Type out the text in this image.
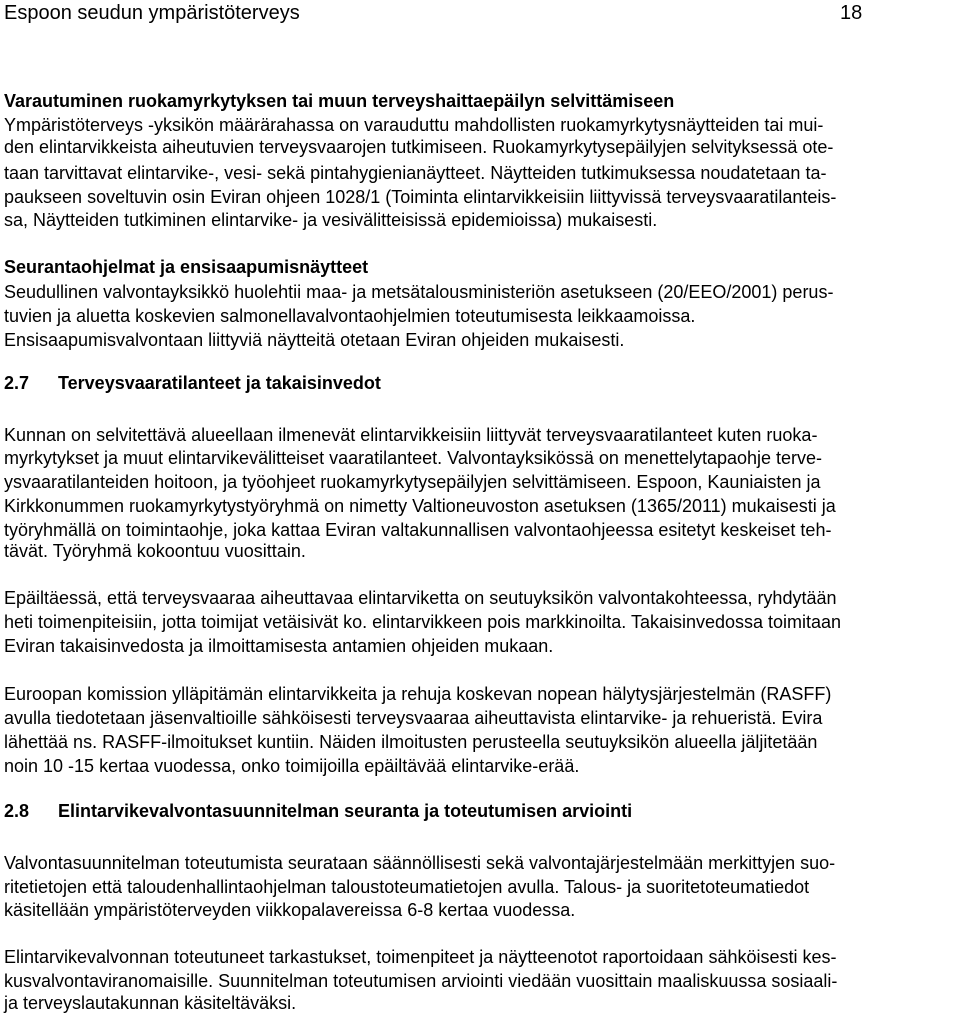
Espoon seudun ympäristöterveys	18

Varautuminen ruokamyrkytyksen tai muun terveyshaittaepäilyn selvittämiseen

Ympäristöterveys -yksikön määrärahassa on varauduttu mahdollisten ruokamyrkytysnäytteiden tai mui-

den elintarvikkeista aiheutuvien terveysvaarojen tutkimiseen. Ruokamyrkytysepäilyjen selvityksessä ote-

taan tarvittavat elintarvike-, vesi- sekä pintahygienianäytteet. Näytteiden tutkimuksessa noudatetaan ta-

paukseen soveltuvin osin Eviran ohjeen 1028/1 (Toiminta elintarvikkeisiin liittyvissä terveysvaaratilanteis-

sa, Näytteiden tutkiminen elintarvike- ja vesivälitteisissä epidemioissa) mukaisesti.

Seurantaohjelmat ja ensisaapumisnäytteet

Seudullinen valvontayksikkö huolehtii maa- ja metsätalousministeriön asetukseen (20/EEO/2001) perus-

tuvien ja aluetta koskevien salmonellavalvontaohjelmien toteutumisesta leikkaamoissa.

Ensisaapumisvalvontaan liittyviä näytteitä otetaan Eviran ohjeiden mukaisesti.

2.7 Terveysvaaratilanteet ja takaisinvedot

Kunnan on selvitettävä alueellaan ilmenevät elintarvikkeisiin liittyvät terveysvaaratilanteet kuten ruoka-

myrkytykset ja muut elintarvikevälitteiset vaaratilanteet. Valvontayksikössä on menettelytapaohje terve-

ysvaaratilanteiden hoitoon, ja työohjeet ruokamyrkytysepäilyjen selvittämiseen. Espoon, Kauniaisten ja

Kirkkonummen ruokamyrkytystyöryhmä on nimetty Valtioneuvoston asetuksen (1365/2011) mukaisesti ja

työryhmällä on toimintaohje, joka kattaa Eviran valtakunnallisen valvontaohjeessa esitetyt keskeiset teh-

tävät. Työryhmä kokoontuu vuosittain.

Epäiltäessä, että terveysvaaraa aiheuttavaa elintarviketta on seutuyksikön valvontakohteessa, ryhdytään

heti toimenpiteisiin, jotta toimijat vetäisivät ko. elintarvikkeen pois markkinoilta. Takaisinvedossa toimitaan

Eviran takaisinvedosta ja ilmoittamisesta antamien ohjeiden mukaan.

Euroopan komission ylläpitämän elintarvikkeita ja rehuja koskevan nopean hälytysjärjestelmän (RASFF)

avulla tiedotetaan jäsenvaltioille sähköisesti terveysvaaraa aiheuttavista elintarvike- ja rehueristä. Evira

lähettää ns. RASFF-ilmoitukset kuntiin. Näiden ilmoitusten perusteella seutuyksikön alueella jäljitetään

noin 10 -15 kertaa vuodessa, onko toimijoilla epäiltävää elintarvike-erää.

2.8 Elintarvikevalvontasuunnitelman seuranta ja toteutumisen arviointi

Valvontasuunnitelman toteutumista seurataan säännöllisesti sekä valvontajärjestelmään merkittyjen suo-

ritetietojen että taloudenhallintaohjelman taloustoteumatietojen avulla. Talous- ja suoritetoteumatiedot

käsitellään ympäristöterveyden viikkopalavereissa 6-8 kertaa vuodessa.

Elintarvikevalvonnan toteutuneet tarkastukset, toimenpiteet ja näytteenotot raportoidaan sähköisesti kes-

kusvalvontaviranomaisille. Suunnitelman toteutumisen arviointi viedään vuosittain maaliskuussa sosiaali-

ja terveyslautakunnan käsiteltäväksi.
